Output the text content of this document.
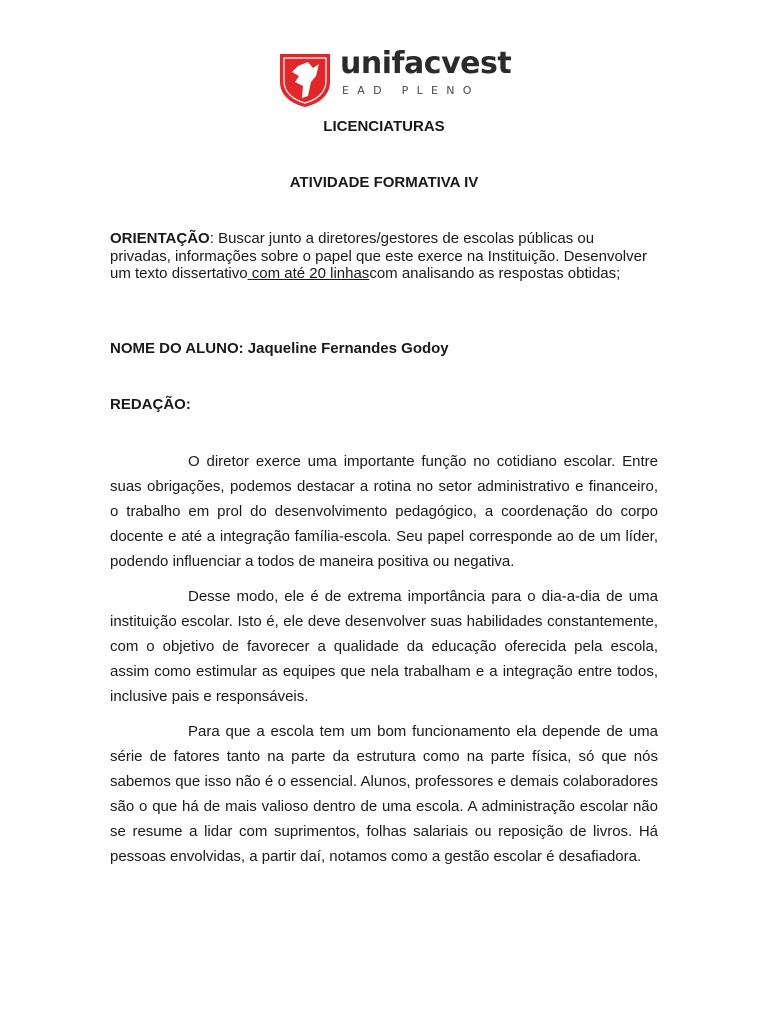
unifacvest
EAD PLENO
LICENCIATURAS
ATIVIDADE FORMATIVA IV
ORIENTAÇÃO: Buscar junto a diretores/gestores de escolas públicas ou privadas, informações sobre o papel que este exerce na Instituição. Desenvolver um texto dissertativo com até 20 linhascom analisando as respostas obtidas;
NOME DO ALUNO: Jaqueline Fernandes Godoy
REDAÇÃO:

O diretor exerce uma importante função no cotidiano escolar. Entre suas obrigações, podemos destacar a rotina no setor administrativo e financeiro, o trabalho em prol do desenvolvimento pedagógico, a coordenação do corpo docente e até a integração família-escola. Seu papel corresponde ao de um líder, podendo influenciar a todos de maneira positiva ou negativa.

Desse modo, ele é de extrema importância para o dia-a-dia de uma instituição escolar. Isto é, ele deve desenvolver suas habilidades constantemente, com o objetivo de favorecer a qualidade da educação oferecida pela escola, assim como estimular as equipes que nela trabalham e a integração entre todos, inclusive pais e responsáveis.

Para que a escola tem um bom funcionamento ela depende de uma série de fatores tanto na parte da estrutura como na parte física, só que nós sabemos que isso não é o essencial. Alunos, professores e demais colaboradores são o que há de mais valioso dentro de uma escola. A administração escolar não se resume a lidar com suprimentos, folhas salariais ou reposição de livros. Há pessoas envolvidas, a partir daí, notamos como a gestão escolar é desafiadora.
